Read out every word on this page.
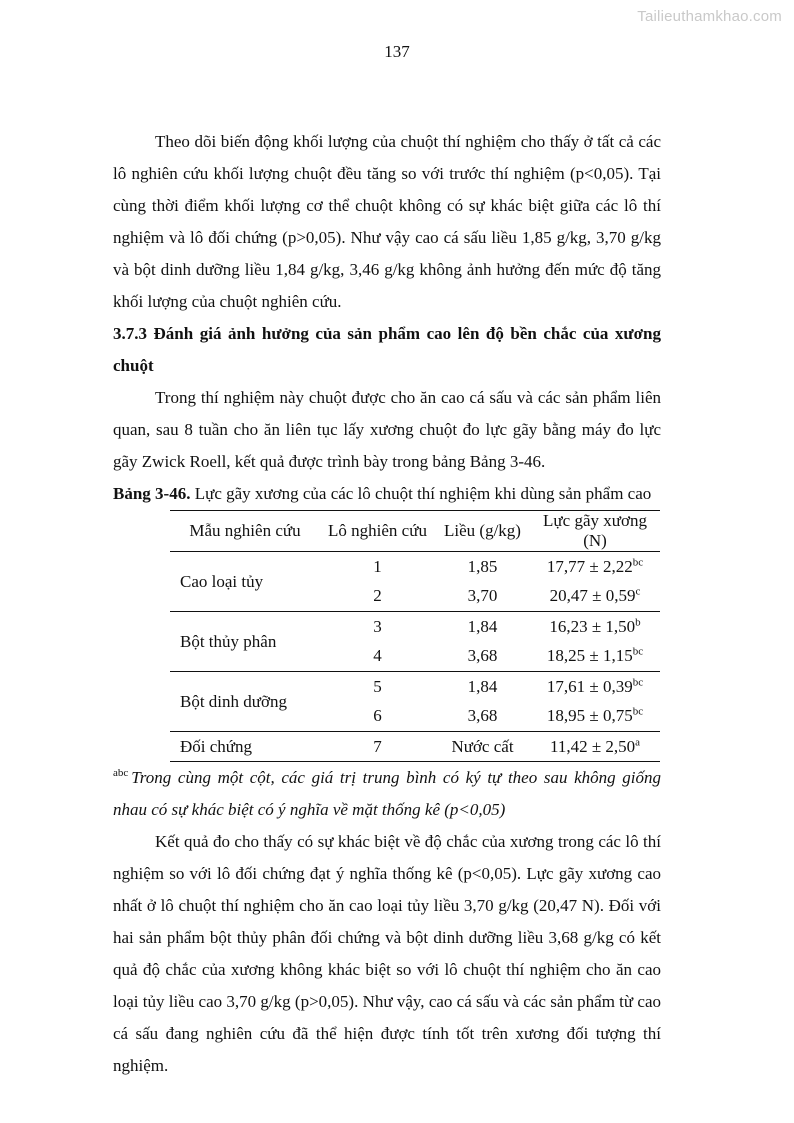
Tailieuthamkhao.com
137

Theo dõi biến động khối lượng của chuột thí nghiệm cho thấy ở tất cả các lô nghiên cứu khối lượng chuột đều tăng so với trước thí nghiệm (p<0,05). Tại cùng thời điểm khối lượng cơ thể chuột không có sự khác biệt giữa các lô thí nghiệm và lô đối chứng (p>0,05). Như vậy cao cá sấu liều 1,85 g/kg, 3,70 g/kg và bột dinh dưỡng liều 1,84 g/kg, 3,46 g/kg không ảnh hưởng đến mức độ tăng khối lượng của chuột nghiên cứu.

3.7.3 Đánh giá ảnh hưởng của sản phẩm cao lên độ bền chắc của xương chuột

Trong thí nghiệm này chuột được cho ăn cao cá sấu và các sản phẩm liên quan, sau 8 tuần cho ăn liên tục lấy xương chuột đo lực gãy bằng máy đo lực gãy Zwick Roell, kết quả được trình bày trong bảng Bảng 3-46.

Bảng 3-46. Lực gãy xương của các lô chuột thí nghiệm khi dùng sản phẩm cao
Mẫu nghiên cứu	Lô nghiên cứu	Liều (g/kg)	Lực gãy xương (N)
Cao loại tủy	1	1,85	17,77 ± 2,22$^{bc}$
	2	3,70	20,47 ± 0,59$^c$
Bột thủy phân	3	1,84	16,23 ± 1,50$^b$
	4	3,68	18,25 ± 1,15$^{bc}$
Bột dinh dưỡng	5	1,84	17,61 ± 0,39$^{bc}$
	6	3,68	18,95 ± 0,75$^{bc}$
Đối chứng	7	Nước cất	11,42 ± 2,50$^a$

$^{abc}$ Trong cùng một cột, các giá trị trung bình có ký tự theo sau không giống nhau có sự khác biệt có ý nghĩa về mặt thống kê (p<0,05)

Kết quả đo cho thấy có sự khác biệt về độ chắc của xương trong các lô thí nghiệm so với lô đối chứng đạt ý nghĩa thống kê (p<0,05). Lực gãy xương cao nhất ở lô chuột thí nghiệm cho ăn cao loại tủy liều 3,70 g/kg (20,47 N). Đối với hai sản phẩm bột thủy phân đối chứng và bột dinh dưỡng liều 3,68 g/kg có kết quả độ chắc của xương không khác biệt so với lô chuột thí nghiệm cho ăn cao loại tủy liều cao 3,70 g/kg (p>0,05). Như vậy, cao cá sấu và các sản phẩm từ cao cá sấu đang nghiên cứu đã thể hiện được tính tốt trên xương đối tượng thí nghiệm.
